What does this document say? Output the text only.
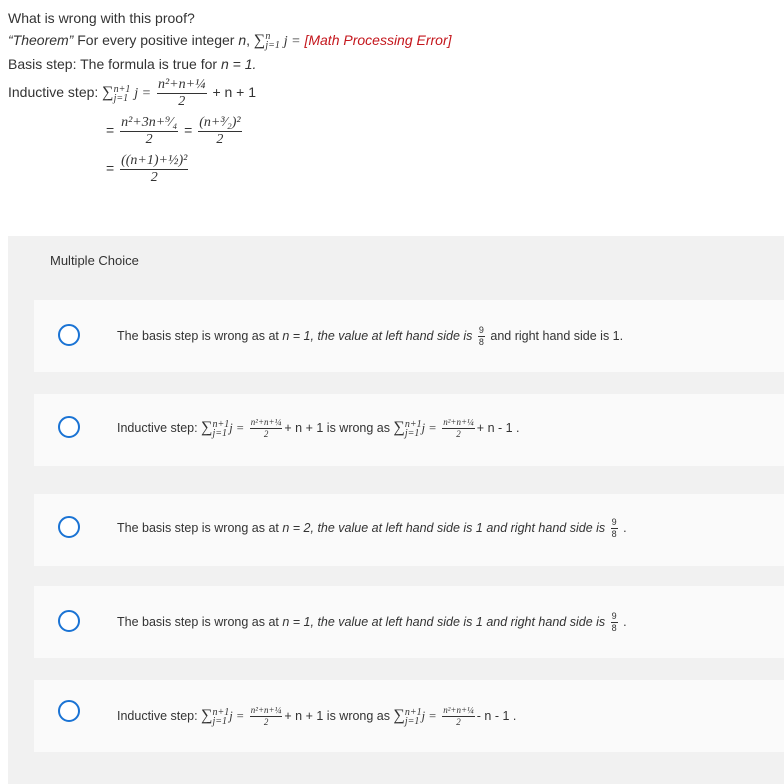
What is wrong with this proof?
“Theorem” For every positive integer n, ∑ n
j=1 j = [Math Processing Error]
Basis step: The formula is true for n = 1.
Inductive step: ∑ n+1
j=1 $j = \frac{\text{n²+n+¼}}{2} + n + 1$
= $\frac{\text{n²+3n+⁹⁄₄}}{2} = \frac{\text{(n+³⁄₂)²}}{2}$
= $\frac{\text{((n+1)+½)²}}{2}$
Multiple Choice
The basis step is wrong as at n = 1, the value at left hand side is $\frac{9}{8}$ and right hand side is 1.
Inductive step: ∑ n+1
j=1 $j = \frac{\text{n²+n+¼}}{2} + n + 1$ is wrong as ∑ n+1
j=1 $j = \frac{\text{n²+n+¼}}{2} + n - 1$ .
The basis step is wrong as at n = 2, the value at left hand side is 1 and right hand side is $\frac{9}{8}$ .
The basis step is wrong as at n = 1, the value at left hand side is 1 and right hand side is $\frac{9}{8}$ .
Inductive step: ∑ n+1
j=1 $j = \frac{\text{n²+n+¼}}{2} + n + 1$ is wrong as ∑ n+1
j=1 $j = \frac{\text{n²+n+¼}}{2} - n - 1$ .
